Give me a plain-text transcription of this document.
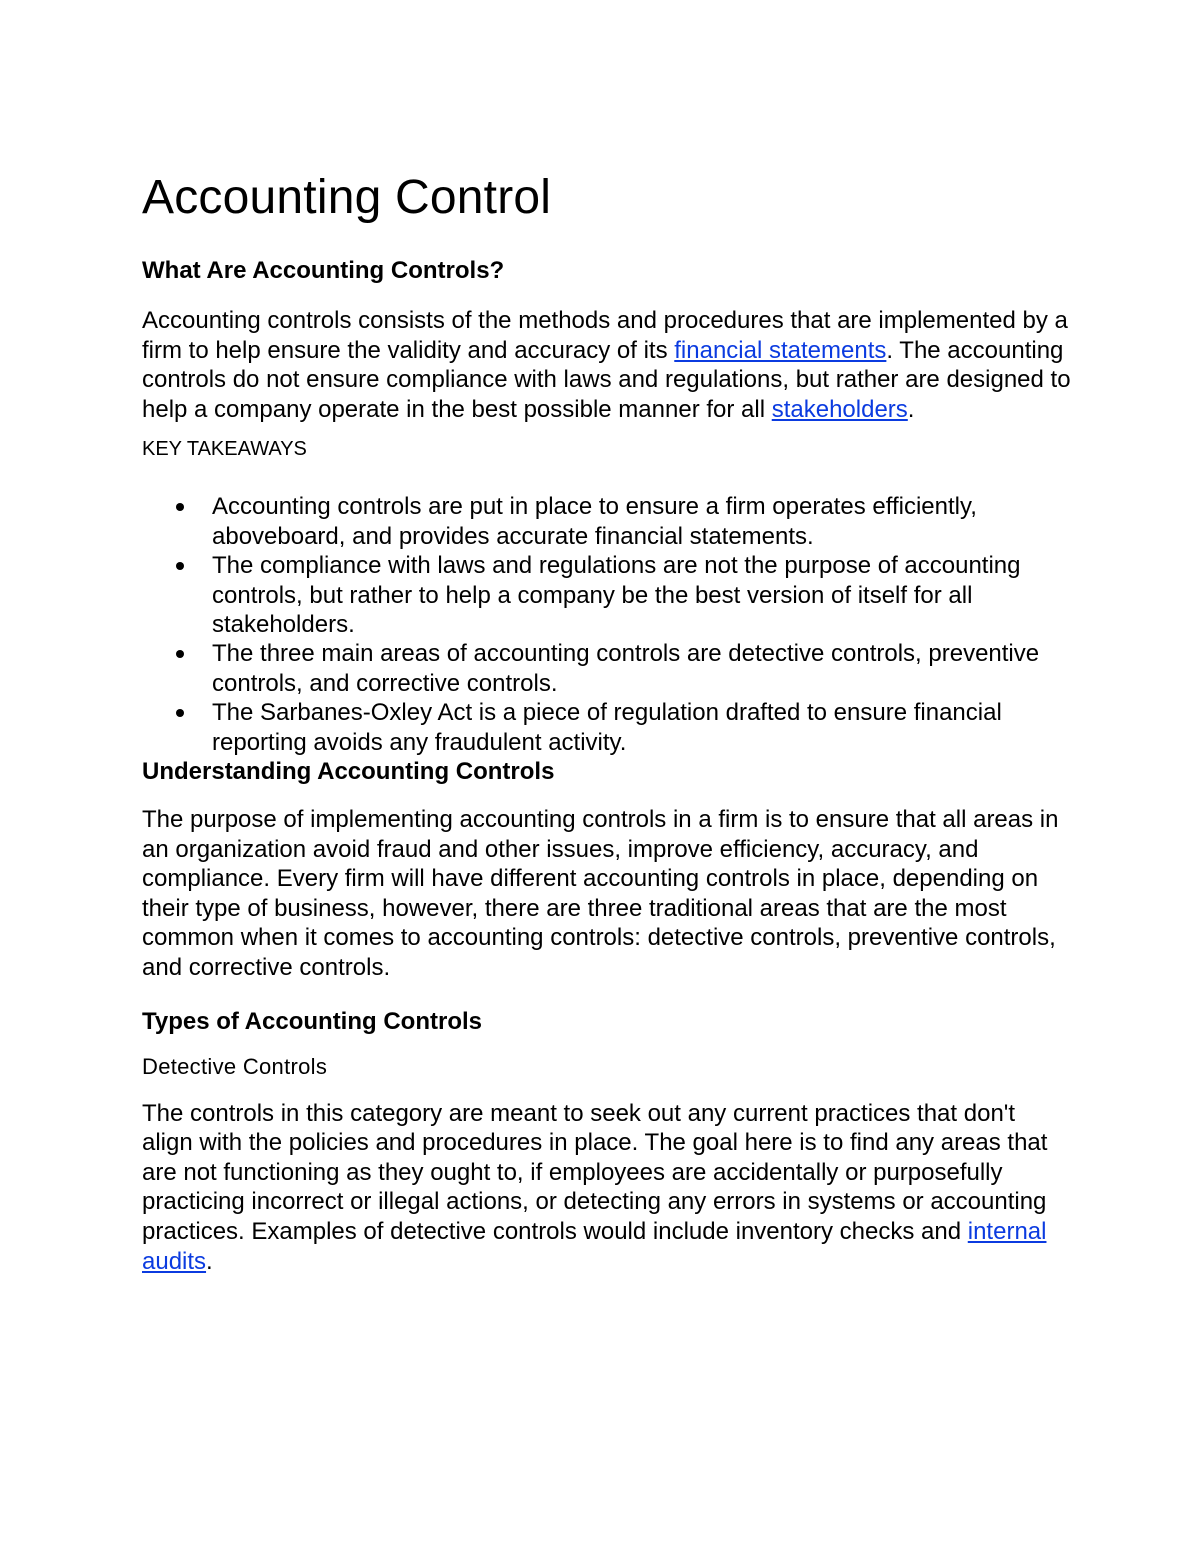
Accounting Control
What Are Accounting Controls?

Accounting controls consists of the methods and procedures that are implemented by a firm to help ensure the validity and accuracy of its financial statements. The accounting controls do not ensure compliance with laws and regulations, but rather are designed to help a company operate in the best possible manner for all stakeholders.

KEY TAKEAWAYS

Accounting controls are put in place to ensure a firm operates efficiently, aboveboard, and provides accurate financial statements.
The compliance with laws and regulations are not the purpose of accounting controls, but rather to help a company be the best version of itself for all stakeholders.
The three main areas of accounting controls are detective controls, preventive controls, and corrective controls.
The Sarbanes-Oxley Act is a piece of regulation drafted to ensure financial reporting avoids any fraudulent activity.
Understanding Accounting Controls

The purpose of implementing accounting controls in a firm is to ensure that all areas in an organization avoid fraud and other issues, improve efficiency, accuracy, and compliance. Every firm will have different accounting controls in place, depending on their type of business, however, there are three traditional areas that are the most common when it comes to accounting controls: detective controls, preventive controls, and corrective controls.

Types of Accounting Controls

Detective Controls

The controls in this category are meant to seek out any current practices that don't align with the policies and procedures in place. The goal here is to find any areas that are not functioning as they ought to, if employees are accidentally or purposefully practicing incorrect or illegal actions, or detecting any errors in systems or accounting practices. Examples of detective controls would include inventory checks and internal audits.
